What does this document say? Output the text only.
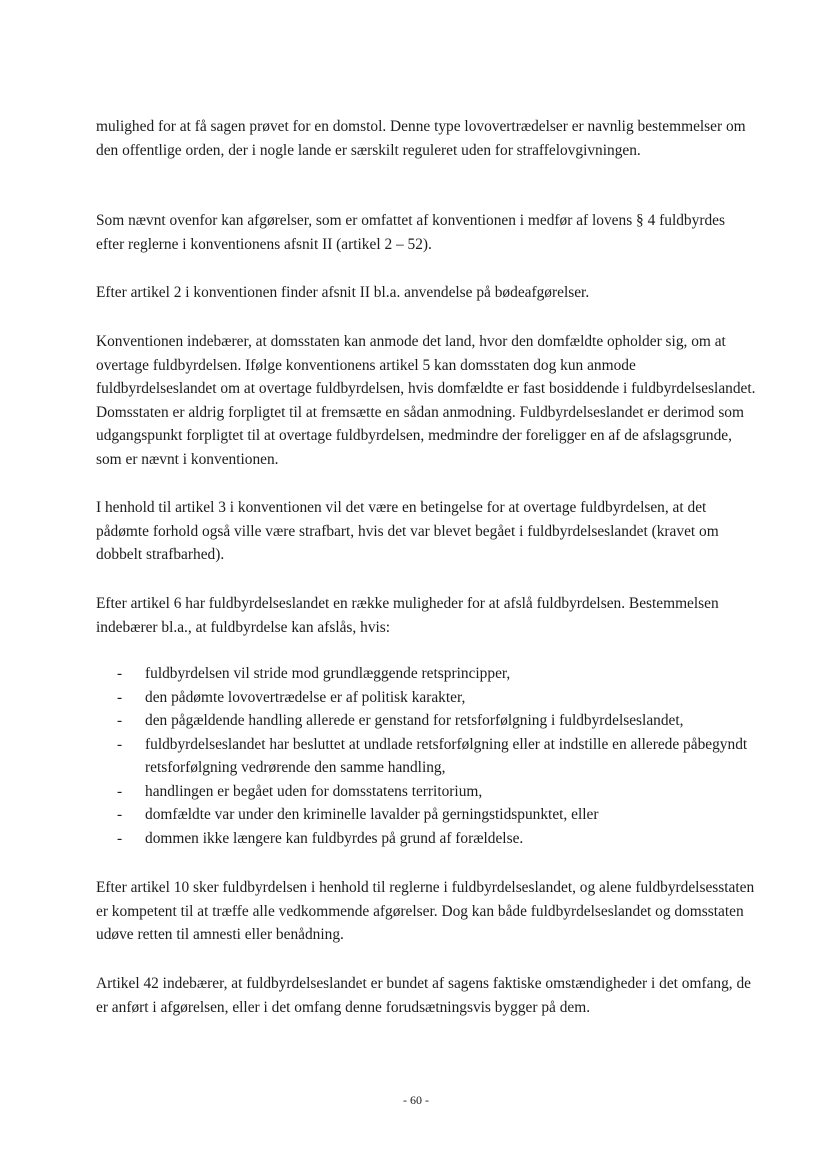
mulighed for at få sagen prøvet for en domstol. Denne type lovovertrædelser er navnlig bestemmelser om den offentlige orden, der i nogle lande er særskilt reguleret uden for straffelovgivningen.

Som nævnt ovenfor kan afgørelser, som er omfattet af konventionen i medfør af lovens § 4 fuldbyrdes efter reglerne i konventionens afsnit II (artikel 2 – 52).

Efter artikel 2 i konventionen finder afsnit II bl.a. anvendelse på bødeafgørelser.

Konventionen indebærer, at domsstaten kan anmode det land, hvor den domfældte opholder sig, om at overtage fuldbyrdelsen. Ifølge konventionens artikel 5 kan domsstaten dog kun anmode fuldbyrdelseslandet om at overtage fuldbyrdelsen, hvis domfældte er fast bosiddende i fuldbyrdelseslandet. Domsstaten er aldrig forpligtet til at fremsætte en sådan anmodning. Fuldbyrdelseslandet er derimod som udgangspunkt forpligtet til at overtage fuldbyrdelsen, medmindre der foreligger en af de afslagsgrunde, som er nævnt i konventionen.

I henhold til artikel 3 i konventionen vil det være en betingelse for at overtage fuldbyrdelsen, at det pådømte forhold også ville være strafbart, hvis det var blevet begået i fuldbyrdelseslandet (kravet om dobbelt strafbarhed).

Efter artikel 6 har fuldbyrdelseslandet en række muligheder for at afslå fuldbyrdelsen. Bestemmelsen indebærer bl.a., at fuldbyrdelse kan afslås, hvis:

- fuldbyrdelsen vil stride mod grundlæggende retsprincipper,
- den pådømte lovovertrædelse er af politisk karakter,
- den pågældende handling allerede er genstand for retsforfølgning i fuldbyrdelseslandet,
- fuldbyrdelseslandet har besluttet at undlade retsforfølgning eller at indstille en allerede påbegyndt retsforfølgning vedrørende den samme handling,
- handlingen er begået uden for domsstatens territorium,
- domfældte var under den kriminelle lavalder på gerningstidspunktet, eller
- dommen ikke længere kan fuldbyrdes på grund af forældelse.

Efter artikel 10 sker fuldbyrdelsen i henhold til reglerne i fuldbyrdelseslandet, og alene fuldbyrdelsesstaten er kompetent til at træffe alle vedkommende afgørelser. Dog kan både fuldbyrdelseslandet og domsstaten udøve retten til amnesti eller benådning.

Artikel 42 indebærer, at fuldbyrdelseslandet er bundet af sagens faktiske omstændigheder i det omfang, de er anført i afgørelsen, eller i det omfang denne forudsætningsvis bygger på dem.

- 60 -
